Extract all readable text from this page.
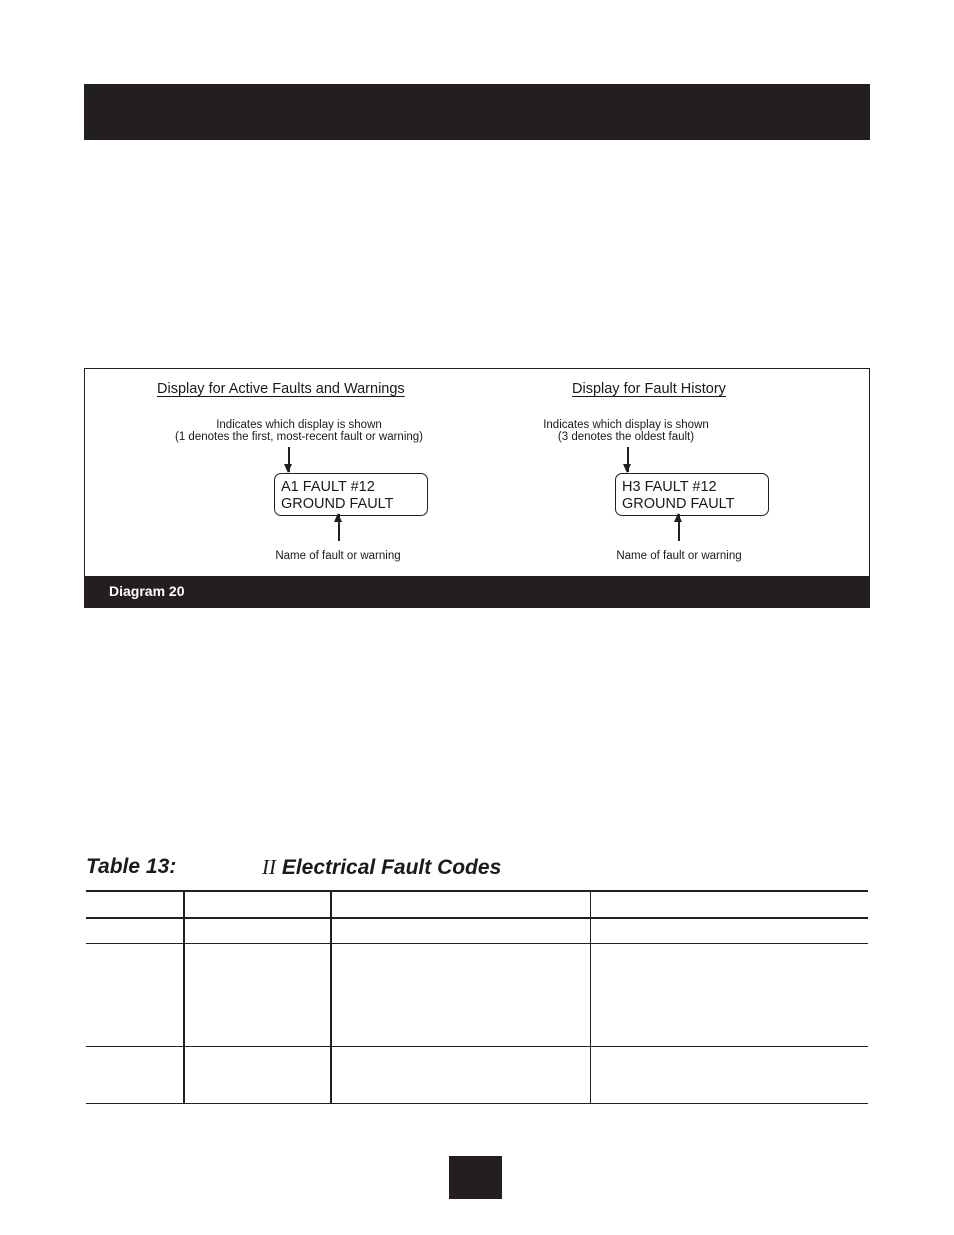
Display for Active Faults and Warnings
Indicates which display is shown
(1 denotes the first, most-recent fault or warning)
A1 FAULT #12
GROUND FAULT
Name of fault or warning
Display for Fault History
Indicates which display is shown
(3 denotes the oldest fault)
H3 FAULT #12
GROUND FAULT
Name of fault or warning
Diagram 20
Table 13:	II Electrical Fault Codes
